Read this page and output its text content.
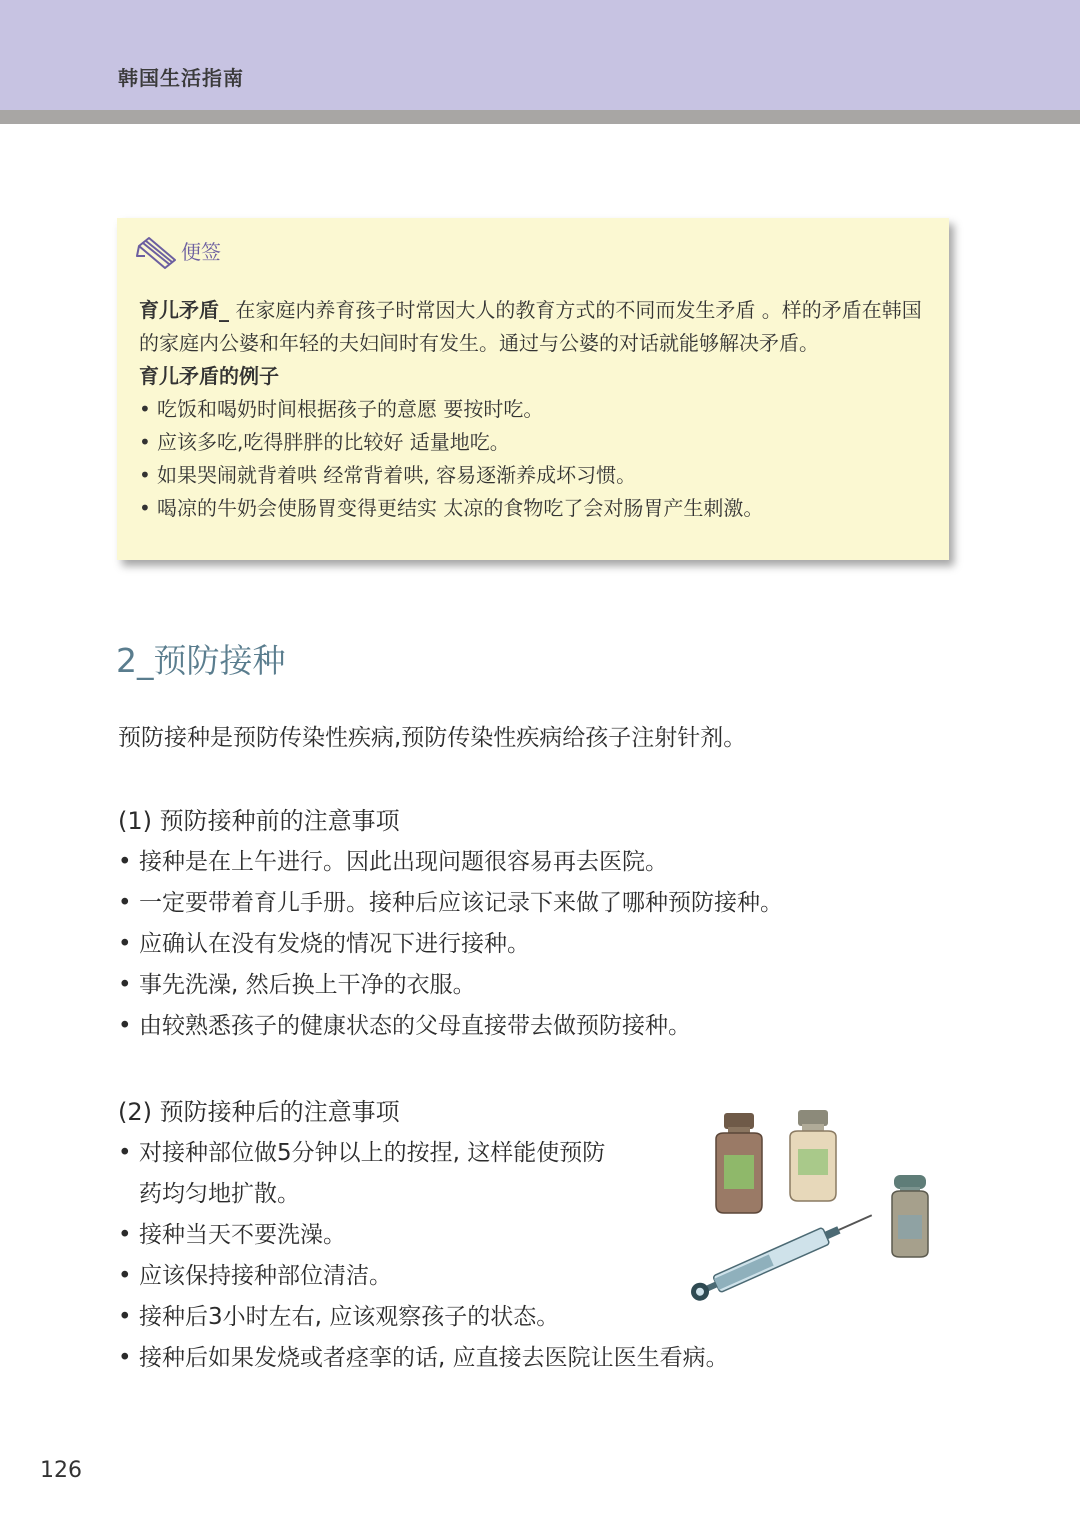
韩国生活指南
便签
育儿矛盾_ 在家庭内养育孩子时常因大人的教育方式的不同而发生矛盾 。样的矛盾在韩国的家庭内公婆和年轻的夫妇间时有发生。通过与公婆的对话就能够解决矛盾。
育儿矛盾的例子
• 吃饭和喝奶时间根据孩子的意愿 要按时吃。
• 应该多吃,吃得胖胖的比较好 适量地吃。
• 如果哭闹就背着哄 经常背着哄, 容易逐渐养成坏习惯。
• 喝凉的牛奶会使肠胃变得更结实 太凉的食物吃了会对肠胃产生刺激。
2_预防接种
预防接种是预防传染性疾病,预防传染性疾病给孩子注射针剂。
(1) 预防接种前的注意事项
• 接种是在上午进行。因此出现问题很容易再去医院。
• 一定要带着育儿手册。接种后应该记录下来做了哪种预防接种。
• 应确认在没有发烧的情况下进行接种。
• 事先洗澡, 然后换上干净的衣服。
• 由较熟悉孩子的健康状态的父母直接带去做预防接种。
(2) 预防接种后的注意事项
• 对接种部位做5分钟以上的按捏, 这样能使预防
药均匀地扩散。
• 接种当天不要洗澡。
• 应该保持接种部位清洁。
• 接种后3小时左右, 应该观察孩子的状态。
• 接种后如果发烧或者痉挛的话, 应直接去医院让医生看病。
126
